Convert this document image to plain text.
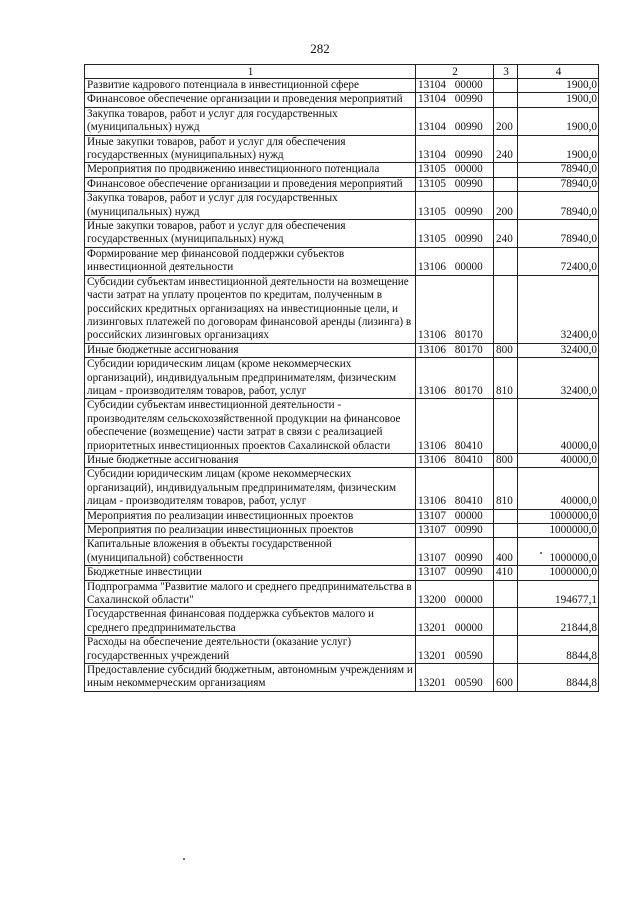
282
1	2	3	4
Развитие кадрового потенциала в инвестиционной сфере	13104 00000		1900,0
Финансовое обеспечение организации и проведения мероприятий	13104 00990		1900,0
Закупка товаров, работ и услуг для государственных (муниципальных) нужд	13104 00990	200	1900,0
Иные закупки товаров, работ и услуг для обеспечения государственных (муниципальных) нужд	13104 00990	240	1900,0
Мероприятия по продвижению инвестиционного потенциала	13105 00000		78940,0
Финансовое обеспечение организации и проведения мероприятий	13105 00990		78940,0
Закупка товаров, работ и услуг для государственных (муниципальных) нужд	13105 00990	200	78940,0
Иные закупки товаров, работ и услуг для обеспечения государственных (муниципальных) нужд	13105 00990	240	78940,0
Формирование мер финансовой поддержки субъектов инвестиционной деятельности	13106 00000		72400,0
Субсидии субъектам инвестиционной деятельности на возмещение части затрат на уплату процентов по кредитам, полученным в российских кредитных организациях на инвестиционные цели, и лизинговых платежей по договорам финансовой аренды (лизинга) в российских лизинговых организациях	13106 80170		32400,0
Иные бюджетные ассигнования	13106 80170	800	32400,0
Субсидии юридическим лицам (кроме некоммерческих организаций), индивидуальным предпринимателям, физическим лицам - производителям товаров, работ, услуг	13106 80170	810	32400,0
Субсидии субъектам инвестиционной деятельности - производителям сельскохозяйственной продукции на финансовое обеспечение (возмещение) части затрат в связи с реализацией приоритетных инвестиционных проектов Сахалинской области	13106 80410		40000,0
Иные бюджетные ассигнования	13106 80410	800	40000,0
Субсидии юридическим лицам (кроме некоммерческих организаций), индивидуальным предпринимателям, физическим лицам - производителям товаров, работ, услуг	13106 80410	810	40000,0
Мероприятия по реализации инвестиционных проектов	13107 00000		1000000,0
Мероприятия по реализации инвестиционных проектов	13107 00990		1000000,0
Капитальные вложения в объекты государственной (муниципальной) собственности	13107 00990	400	1000000,0
Бюджетные инвестиции	13107 00990	410	1000000,0
Подпрограмма "Развитие малого и среднего предпринимательства в Сахалинской области"	13200 00000		194677,1
Государственная финансовая поддержка субъектов малого и среднего предпринимательства	13201 00000		21844,8
Расходы на обеспечение деятельности (оказание услуг) государственных учреждений	13201 00590		8844,8
Предоставление субсидий бюджетным, автономным учреждениям и иным некоммерческим организациям	13201 00590	600	8844,8
